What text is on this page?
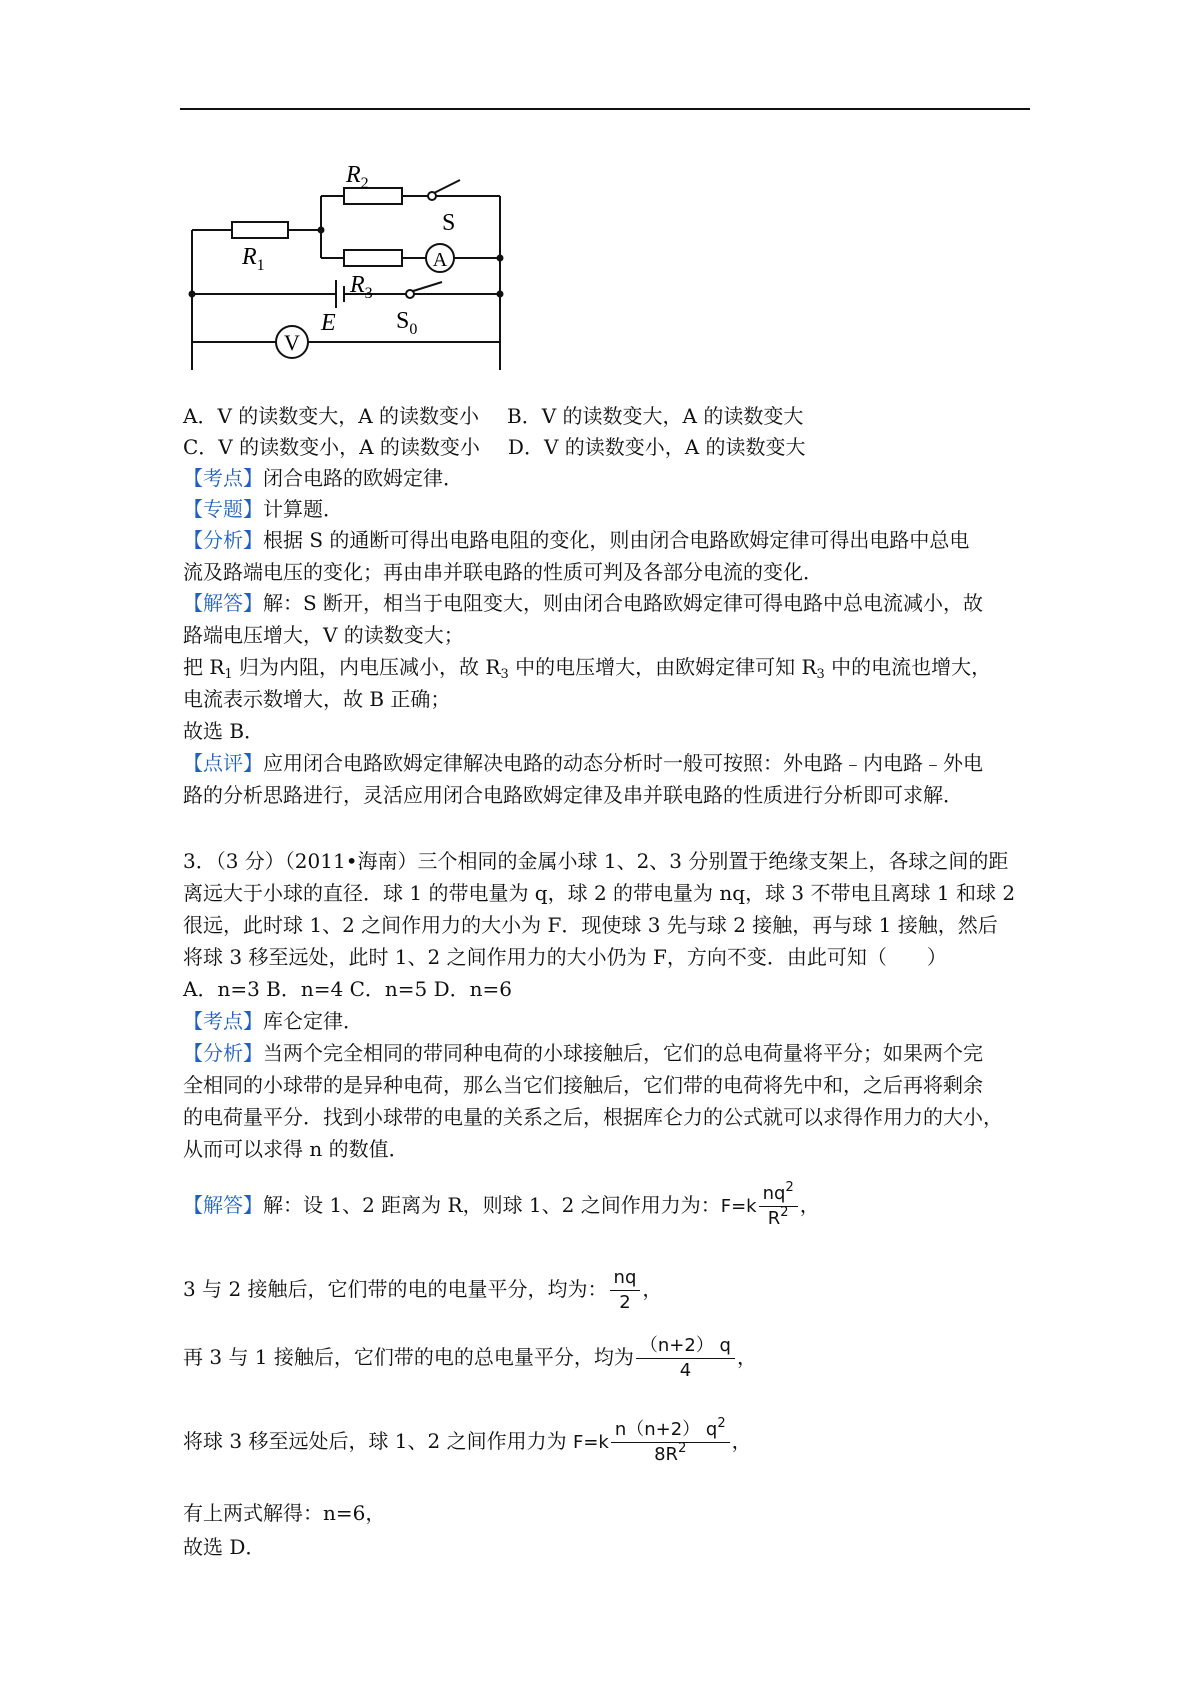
$R_1$
$R_2$
$R_3$
S
$S_0$
E
A
V
A．V 的读数变大，A 的读数变小 B．V 的读数变大，A 的读数变大
C．V 的读数变小，A 的读数变小 D．V 的读数变小，A 的读数变大
【考点】闭合电路的欧姆定律．
【专题】计算题．
【分析】根据 S 的通断可得出电路电阻的变化，则由闭合电路欧姆定律可得出电路中总电
流及路端电压的变化；再由串并联电路的性质可判及各部分电流的变化．
【解答】解：S 断开，相当于电阻变大，则由闭合电路欧姆定律可得电路中总电流减小，故
路端电压增大，V 的读数变大；
把 $R_1$ 归为内阻，内电压减小，故 $R_3$ 中的电压增大，由欧姆定律可知 $R_3$ 中的电流也增大，
电流表示数增大，故 B 正确；
故选 B．
【点评】应用闭合电路欧姆定律解决电路的动态分析时一般可按照：外电路﹣内电路﹣外电
路的分析思路进行，灵活应用闭合电路欧姆定律及串并联电路的性质进行分析即可求解．
3．（3 分）（2011•海南）三个相同的金属小球 1、2、3 分别置于绝缘支架上，各球之间的距
离远大于小球的直径．球 1 的带电量为 q，球 2 的带电量为 nq，球 3 不带电且离球 1 和球 2
很远，此时球 1、2 之间作用力的大小为 F．现使球 3 先与球 2 接触，再与球 1 接触，然后
将球 3 移至远处，此时 1、2 之间作用力的大小仍为 F，方向不变．由此可知（　　）
A．n=3 B．n=4 C．n=5 D．n=6
【考点】库仑定律．
【分析】当两个完全相同的带同种电荷的小球接触后，它们的总电荷量将平分；如果两个完
全相同的小球带的是异种电荷，那么当它们接触后，它们带的电荷将先中和，之后再将剩余
的电荷量平分．找到小球带的电量的关系之后，根据库仑力的公式就可以求得作用力的大小，
从而可以求得 n 的数值．
【解答】解：设 1、2 距离为 R，则球 1、2 之间作用力为：$F=k \frac{nq^2}{R^2}$ ，
3 与 2 接触后，它们带的电的电量平分，均为： $\frac{nq}{2}$ ，
再 3 与 1 接触后，它们带的电的总电量平分，均为 $\frac{(n+2) q}{4}$ ，
将球 3 移至远处后，球 1、2 之间作用力为 $F=k \frac{n(n+2) q^2}{8R^2}$ ，
有上两式解得：n=6，
故选 D．
